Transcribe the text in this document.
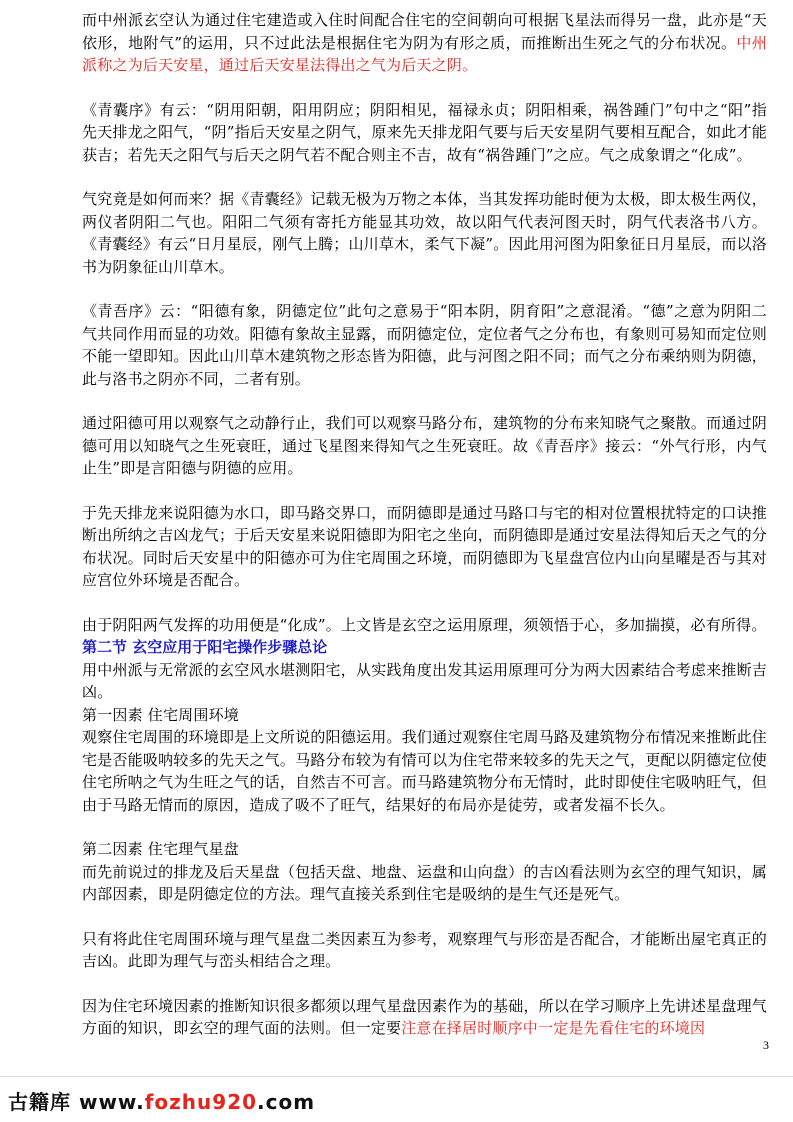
而中州派玄空认为通过住宅建造或入住时间配合住宅的空间朝向可根据飞星法而得另一盘，此亦是“天依形，地附气”的运用，只不过此法是根据住宅为阴为有形之质，而推断出生死之气的分布状况。中州派称之为后天安星，通过后天安星法得出之气为后天之阴。

《青囊序》有云：“阴用阳朝，阳用阴应；阴阳相见，福禄永贞；阴阳相乘，祸咎踵门”句中之“阳”指先天排龙之阳气，“阴”指后天安星之阴气，原来先天排龙阳气要与后天安星阴气要相互配合，如此才能获吉；若先天之阳气与后天之阴气若不配合则主不吉，故有“祸咎踵门”之应。气之成象谓之“化成”。

气究竟是如何而来？据《青囊经》记载无极为万物之本体，当其发挥功能时便为太极，即太极生两仪，两仪者阴阳二气也。阳阳二气须有寄托方能显其功效，故以阳气代表河图天时，阴气代表洛书八方。《青囊经》有云“日月星辰，刚气上腾；山川草木，柔气下凝”。因此用河图为阳象征日月星辰，而以洛书为阴象征山川草木。

《青吾序》云：“阳德有象，阴德定位”此句之意易于“阳本阴，阴育阳”之意混淆。“德”之意为阴阳二气共同作用而显的功效。阳德有象故主显露，而阴德定位，定位者气之分布也，有象则可易知而定位则不能一望即知。因此山川草木建筑物之形态皆为阳德，此与河图之阳不同；而气之分布乘纳则为阴德，此与洛书之阴亦不同，二者有别。

通过阳德可用以观察气之动静行止，我们可以观察马路分布，建筑物的分布来知晓气之聚散。而通过阴德可用以知晓气之生死衰旺，通过飞星图来得知气之生死衰旺。故《青吾序》接云：“外气行形，内气止生”即是言阳德与阴德的应用。

于先天排龙来说阳德为水口，即马路交界口，而阴德即是通过马路口与宅的相对位置根扰特定的口诀推断出所纳之吉凶龙气；于后天安星来说阳德即为阳宅之坐向，而阴德即是通过安星法得知后天之气的分布状况。同时后天安星中的阳德亦可为住宅周围之环境，而阴德即为飞星盘宫位内山向星曜是否与其对应宫位外环境是否配合。

由于阴阳两气发挥的功用便是“化成”。上文皆是玄空之运用原理，须领悟于心，多加揣摸，必有所得。

第二节 玄空应用于阳宅操作步骤总论

用中州派与无常派的玄空风水堪测阳宅，从实践角度出发其运用原理可分为两大因素结合考虑来推断吉凶。

第一因素 住宅周围环境

观察住宅周围的环境即是上文所说的阳德运用。我们通过观察住宅周马路及建筑物分布情况来推断此住宅是否能吸呐较多的先天之气。马路分布较为有情可以为住宅带来较多的先天之气，更配以阴德定位使住宅所呐之气为生旺之气的话，自然吉不可言。而马路建筑物分布无情时，此时即使住宅吸呐旺气，但由于马路无情而的原因，造成了吸不了旺气，结果好的布局亦是徒劳，或者发福不长久。

第二因素 住宅理气星盘

而先前说过的排龙及后天星盘（包括天盘、地盘、运盘和山向盘）的吉凶看法则为玄空的理气知识，属内部因素，即是阴德定位的方法。理气直接关系到住宅是吸纳的是生气还是死气。

只有将此住宅周围环境与理气星盘二类因素互为参考，观察理气与形峦是否配合，才能断出屋宅真正的吉凶。此即为理气与峦头相结合之理。

因为住宅环境因素的推断知识很多都须以理气星盘因素作为的基础，所以在学习顺序上先讲述星盘理气方面的知识，即玄空的理气面的法则。但一定要注意在择居时顺序中一定是先看住宅的环境因

3
古籍库 www.fozhu920.com
